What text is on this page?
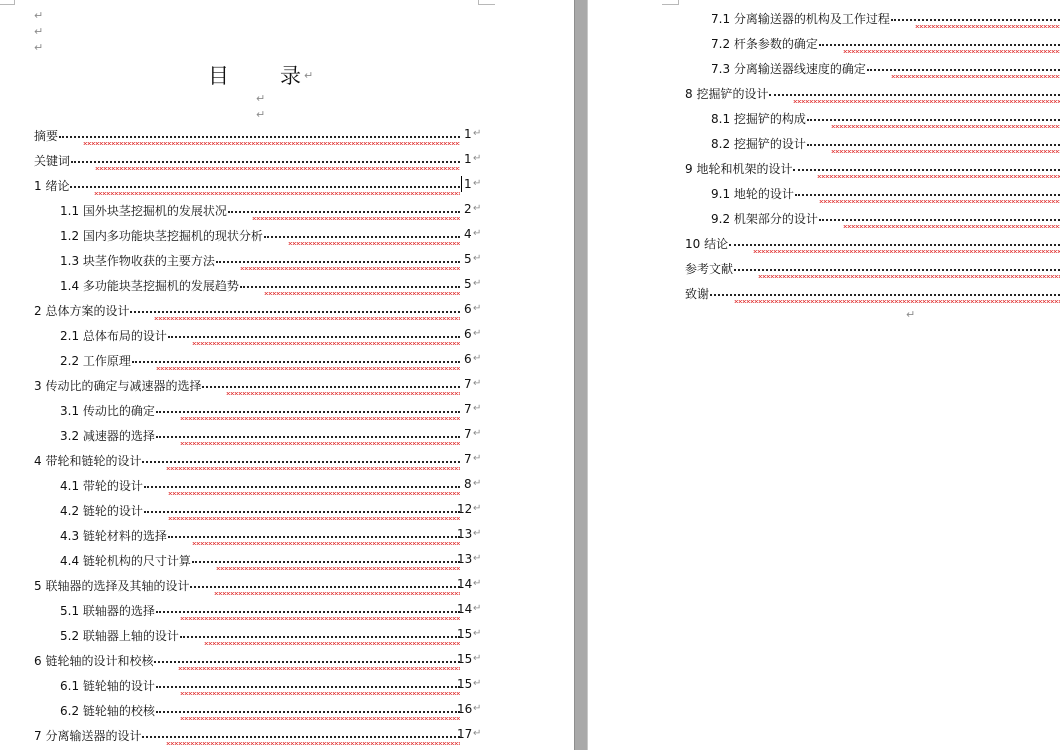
↵
↵
↵
目 录 ↵
↵
↵
摘要	1 ↵
关键词	1 ↵
1 绪论	1 ↵
1.1 国外块茎挖掘机的发展状况	2 ↵
1.2 国内多功能块茎挖掘机的现状分析	4 ↵
1.3 块茎作物收获的主要方法	5 ↵
1.4 多功能块茎挖掘机的发展趋势	5 ↵
2 总体方案的设计	6 ↵
2.1 总体布局的设计	6 ↵
2.2 工作原理	6 ↵
3 传动比的确定与减速器的选择	7 ↵
3.1 传动比的确定	7 ↵
3.2 减速器的选择	7 ↵
4 带轮和链轮的设计	7 ↵
4.1 带轮的设计	8 ↵
4.2 链轮的设计	12 ↵
4.3 链轮材料的选择	13 ↵
4.4 链轮机构的尺寸计算	13 ↵
5 联轴器的选择及其轴的设计	14 ↵
5.1 联轴器的选择	14 ↵
5.2 联轴器上轴的设计	15 ↵
6 链轮轴的设计和校核	15 ↵
6.1 链轮轴的设计	15 ↵
6.2 链轮轴的校核	16 ↵
7 分离输送器的设计	17 ↵
7.1 分离输送器的机构及工作过程
7.2 杆条参数的确定
7.3 分离输送器线速度的确定
8 挖掘铲的设计
8.1 挖掘铲的构成
8.2 挖掘铲的设计
9 地轮和机架的设计
9.1 地轮的设计
9.2 机架部分的设计
10 结论
参考文献
致谢
↵
